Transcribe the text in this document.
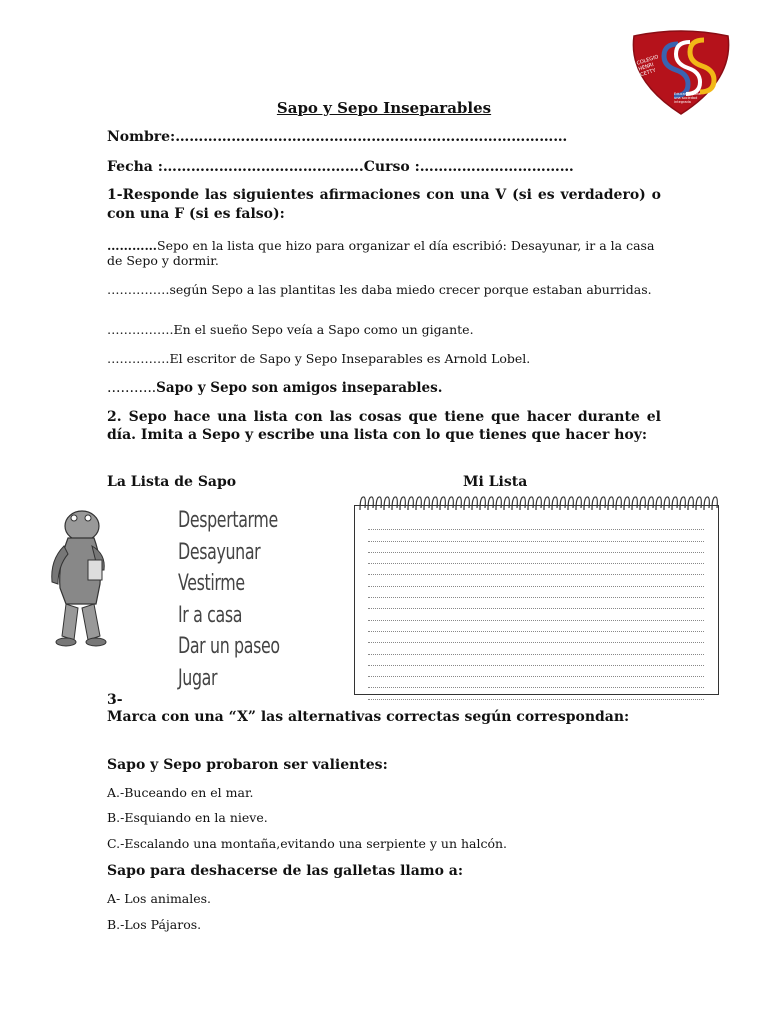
COLEGIO HENRI CETTY
Educando para una sociedad integrada
Sapo y Sepo Inseparables
Nombre:…………………………………………………………………………
Fecha :…………………………………….Curso :……………………………
1-Responde las siguientes afirmaciones con una V (si es verdadero) o con una F (si es falso):
…………Sepo en la lista que hizo para organizar el día escribió: Desayunar, ir a la casa de Sepo y dormir.
……………según Sepo a las plantitas les daba miedo crecer porque estaban aburridas.
…………….En el sueño Sepo veía a Sapo como un gigante.
……………El escritor de Sapo y Sepo Inseparables es Arnold Lobel.
………..Sapo y Sepo son amigos inseparables.
2. Sepo hace una lista con las cosas que tiene que hacer durante el día. Imita a Sepo y escribe una lista con lo que tienes que hacer hoy:
La Lista de Sapo	Mi Lista
Despertarme
Desayunar
Vestirme
Ir a casa
Dar un paseo
Jugar
3-
Marca con una “X” las alternativas correctas según correspondan:
Sapo y Sepo probaron ser valientes:
A.-Buceando en el mar.
B.-Esquiando en la nieve.
C.-Escalando una montaña,evitando una serpiente y un halcón.
Sapo para deshacerse de las galletas llamo a:
A- Los animales.
B.-Los Pájaros.
